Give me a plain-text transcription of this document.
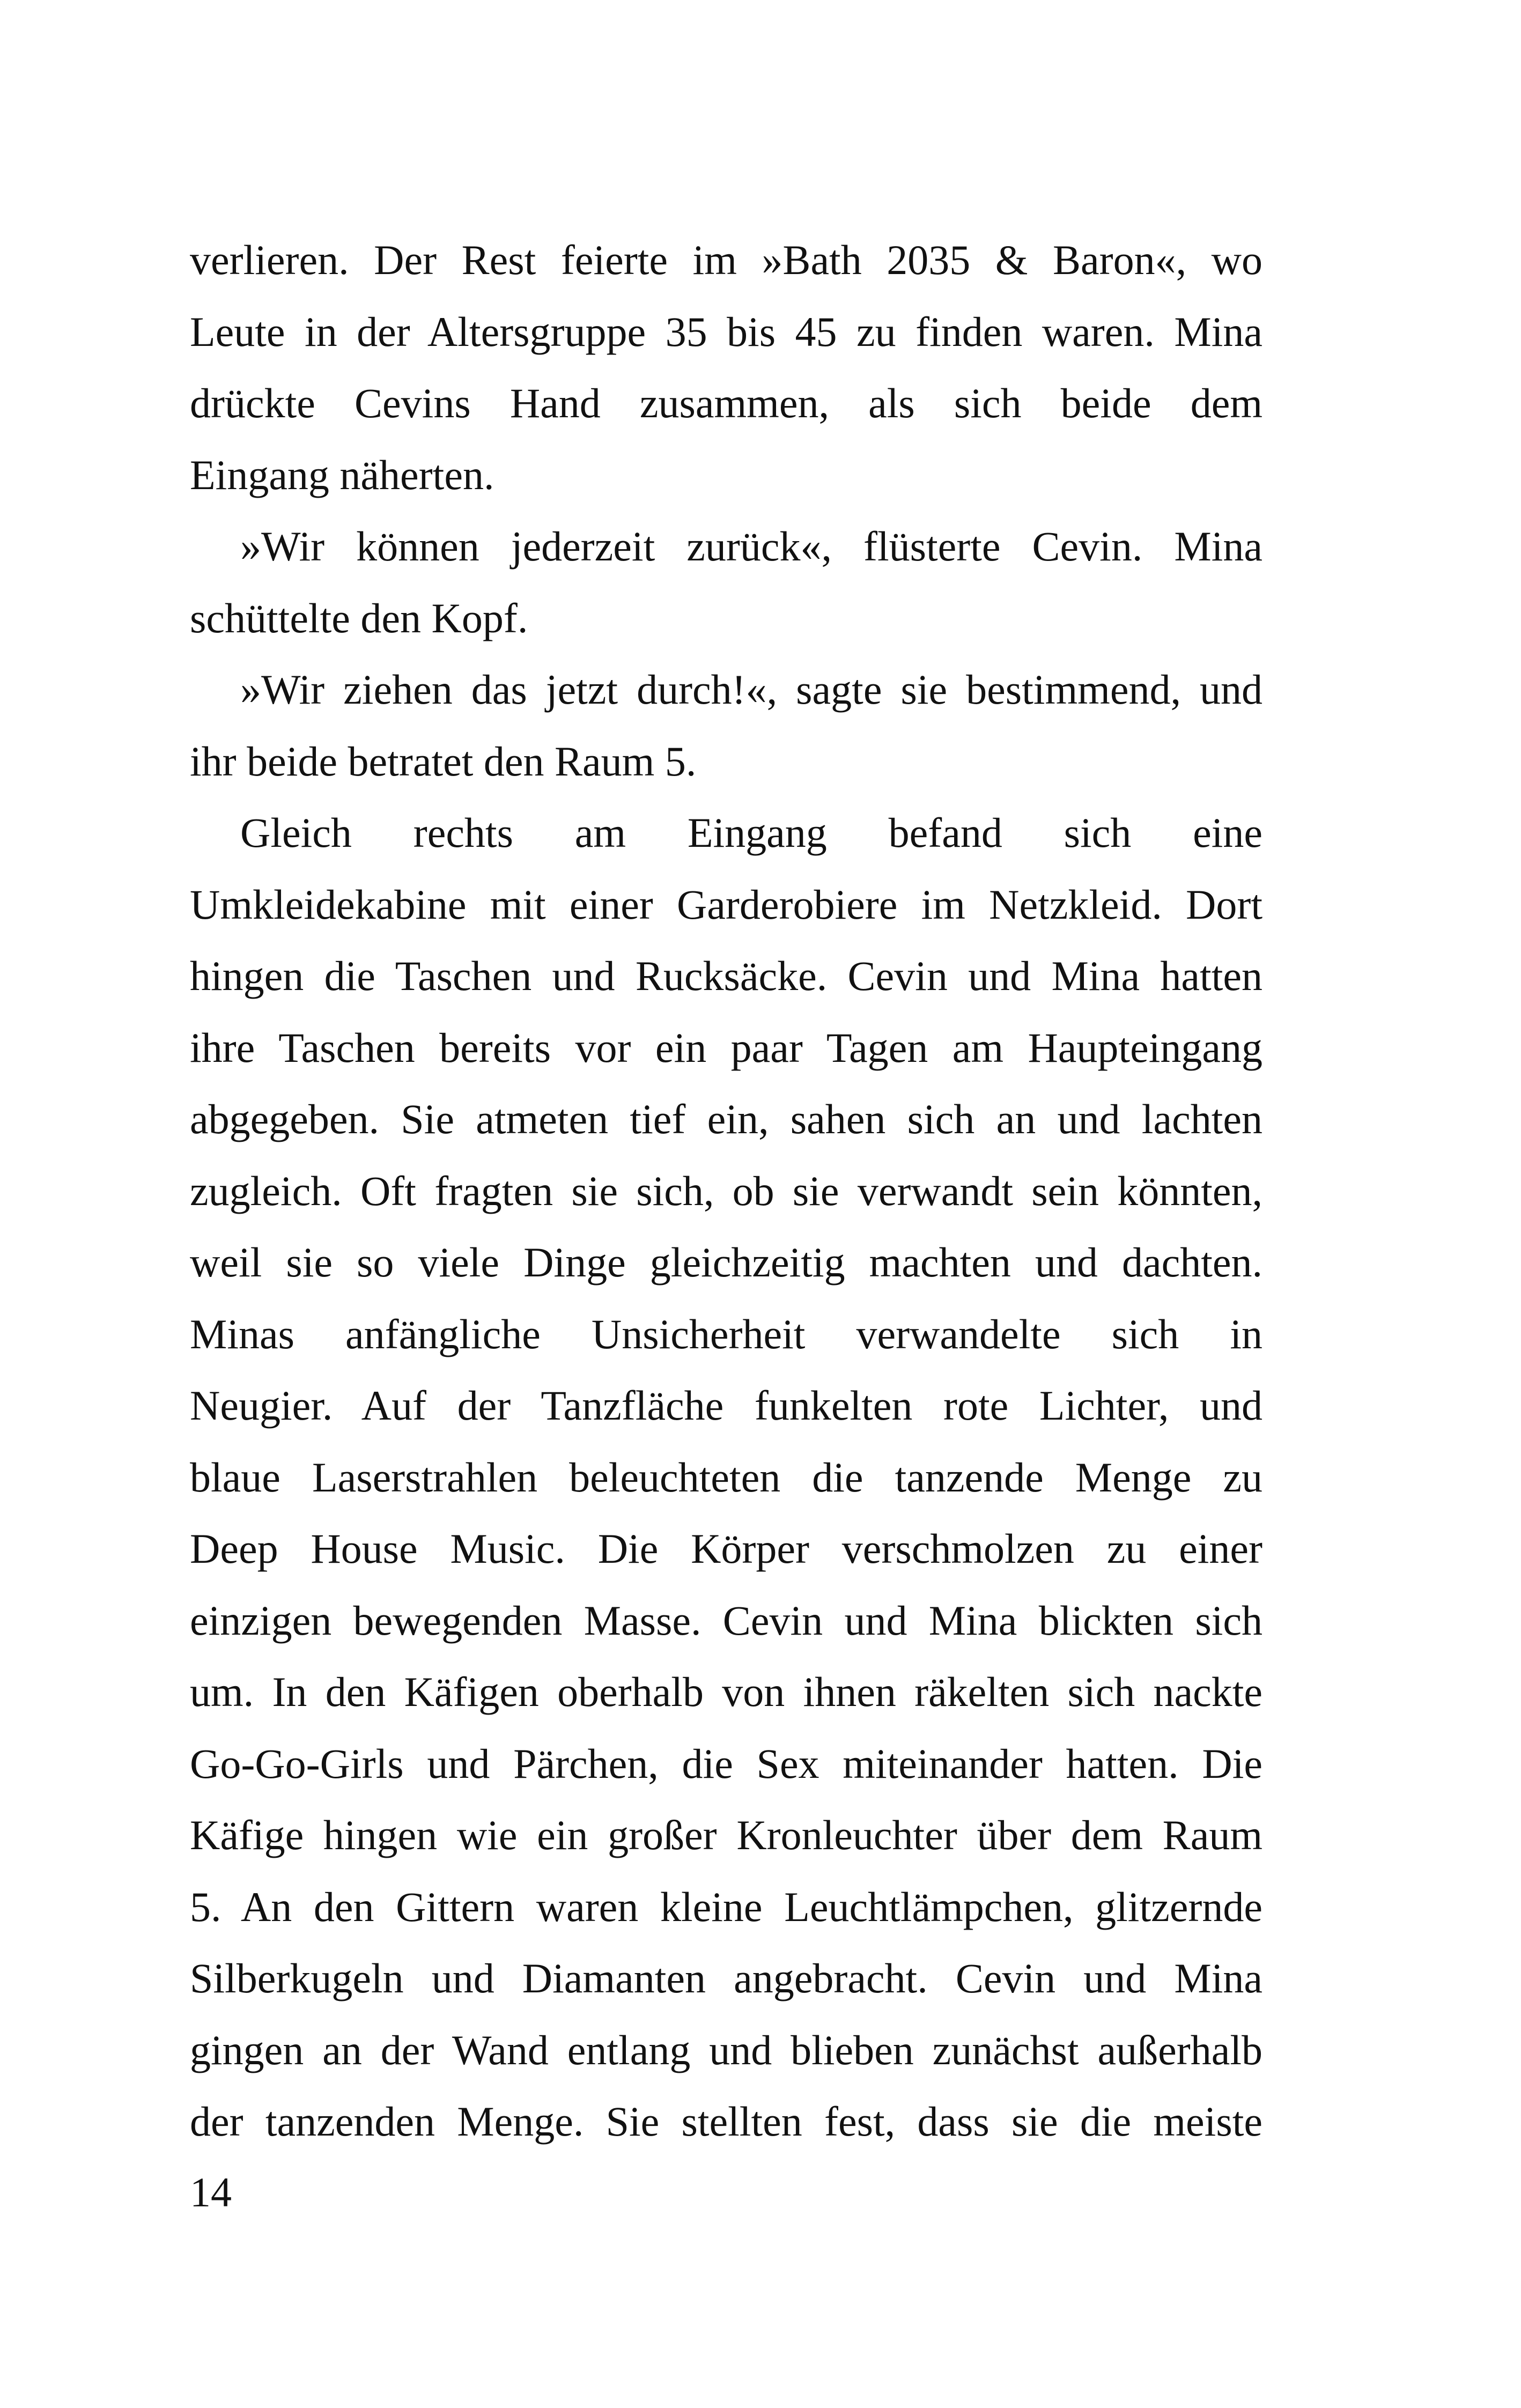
verlieren. Der Rest feierte im »Bath 2035 & Baron«, wo
Leute in der Altersgruppe 35 bis 45 zu finden waren. Mina
drückte Cevins Hand zusammen, als sich beide dem
Eingang näherten.
»Wir können jederzeit zurück«, flüsterte Cevin. Mina
schüttelte den Kopf.
»Wir ziehen das jetzt durch!«, sagte sie bestimmend, und
ihr beide betratet den Raum 5.
Gleich rechts am Eingang befand sich eine
Umkleidekabine mit einer Garderobiere im Netzkleid. Dort
hingen die Taschen und Rucksäcke. Cevin und Mina hatten
ihre Taschen bereits vor ein paar Tagen am Haupteingang
abgegeben. Sie atmeten tief ein, sahen sich an und lachten
zugleich. Oft fragten sie sich, ob sie verwandt sein könnten,
weil sie so viele Dinge gleichzeitig machten und dachten.
Minas anfängliche Unsicherheit verwandelte sich in
Neugier. Auf der Tanzfläche funkelten rote Lichter, und
blaue Laserstrahlen beleuchteten die tanzende Menge zu
Deep House Music. Die Körper verschmolzen zu einer
einzigen bewegenden Masse. Cevin und Mina blickten sich
um. In den Käfigen oberhalb von ihnen räkelten sich nackte
Go-Go-Girls und Pärchen, die Sex miteinander hatten. Die
Käfige hingen wie ein großer Kronleuchter über dem Raum
5. An den Gittern waren kleine Leuchtlämpchen, glitzernde
Silberkugeln und Diamanten angebracht. Cevin und Mina
gingen an der Wand entlang und blieben zunächst außerhalb
der tanzenden Menge. Sie stellten fest, dass sie die meiste
14
